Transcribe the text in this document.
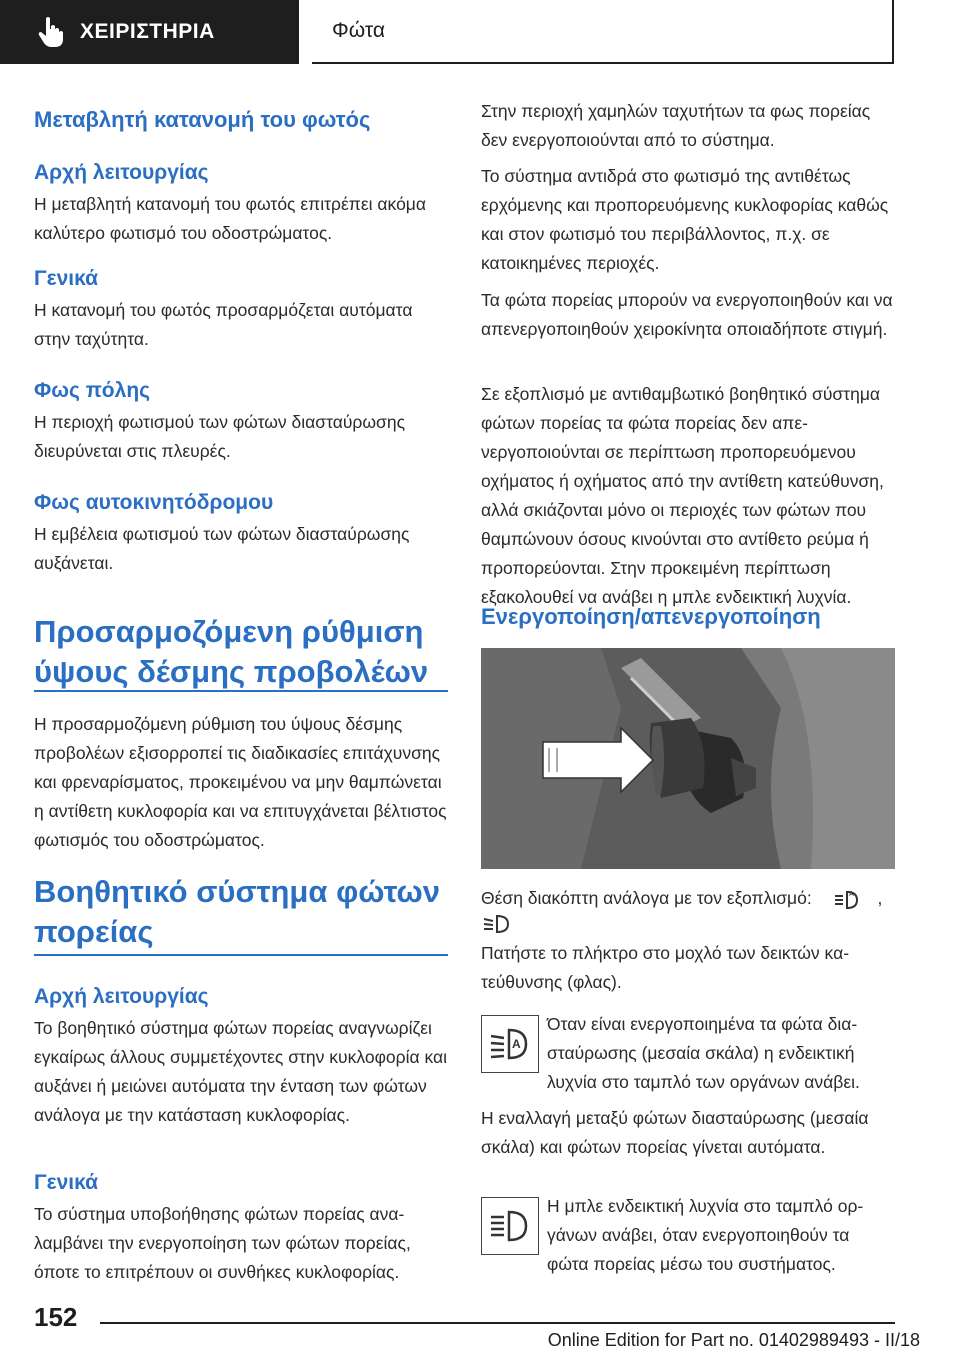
ΧΕΙΡΙΣΤΗΡΙΑ	Φώτα
Μεταβλητή κατανομή του φωτός
Αρχή λειτουργίας

Η μεταβλητή κατανομή του φωτός επιτρέπει ακόμα καλύτερο φωτισμό του οδοστρώματος.

Γενικά

Η κατανομή του φωτός προσαρμόζεται αυτόματα στην ταχύτητα.

Φως πόλης

Η περιοχή φωτισμού των φώτων διασταύρωσης διευρύνεται στις πλευρές.

Φως αυτοκινητόδρομου

Η εμβέλεια φωτισμού των φώτων διασταύρωσης αυξάνεται.

Προσαρμοζόμενη ρύθμιση ύψους δέσμης προβολέων

Η προσαρμοζόμενη ρύθμιση του ύψους δέσμης προβολέων εξισορροπεί τις διαδικασίες επιτάχυνσης και φρεναρίσματος, προκειμένου να μην θαμπώνεται η αντίθετη κυκλοφορία και να επιτυγχάνεται βέλτιστος φωτισμός του οδοστρώματος.

Βοηθητικό σύστημα φώτων πορείας
Αρχή λειτουργίας

Το βοηθητικό σύστημα φώτων πορείας αναγνωρίζει εγκαίρως άλλους συμμετέχοντες στην κυκλοφορία και αυξάνει ή μειώνει αυτόματα την ένταση των φώτων ανάλογα με την κατάσταση κυκλοφορίας.

Γενικά

Το σύστημα υποβοήθησης φώτων πορείας αναλαμβάνει την ενεργοποίηση των φώτων πορείας, όποτε το επιτρέπουν οι συνθήκες κυκλοφορίας.

Στην περιοχή χαμηλών ταχυτήτων τα φως πορείας δεν ενεργοποιούνται από το σύστημα.

Το σύστημα αντιδρά στο φωτισμό της αντιθέτως ερχόμενης και προπορευόμενης κυκλοφορίας καθώς και στον φωτισμό του περιβάλλοντος, π.χ. σε κατοικημένες περιοχές.

Τα φώτα πορείας μπορούν να ενεργοποιηθούν και να απενεργοποιηθούν χειροκίνητα οποιαδήποτε στιγμή.

Σε εξοπλισμό με αντιθαμβωτικό βοηθητικό σύστημα φώτων πορείας τα φώτα πορείας δεν απενεργοποιούνται σε περίπτωση προπορευόμενου οχήματος ή οχήματος από την αντίθετη κατεύθυνση, αλλά σκιάζονται μόνο οι περιοχές των φώτων που θαμπώνουν όσους κινούνται στο αντίθετο ρεύμα ή προπορεύονται. Στην προκειμένη περίπτωση εξακολουθεί να ανάβει η μπλε ενδεικτική λυχνία.

Ενεργοποίηση/απενεργοποίηση

Θέση διακόπτη ανάλογα με τον εξοπλισμό:	A ,

Πατήστε το πλήκτρο στο μοχλό των δεικτών κατεύθυνσης (φλας).

A

Όταν είναι ενεργοποιημένα τα φώτα διασταύρωσης (μεσαία σκάλα) η ενδεικτική λυχνία στο ταμπλό των οργάνων ανάβει.

Η εναλλαγή μεταξύ φώτων διασταύρωσης (μεσαία σκάλα) και φώτων πορείας γίνεται αυτόματα.

Η μπλε ενδεικτική λυχνία στο ταμπλό οργάνων ανάβει, όταν ενεργοποιηθούν τα φώτα πορείας μέσω του συστήματος.

152
Online Edition for Part no. 01402989493 - II/18
